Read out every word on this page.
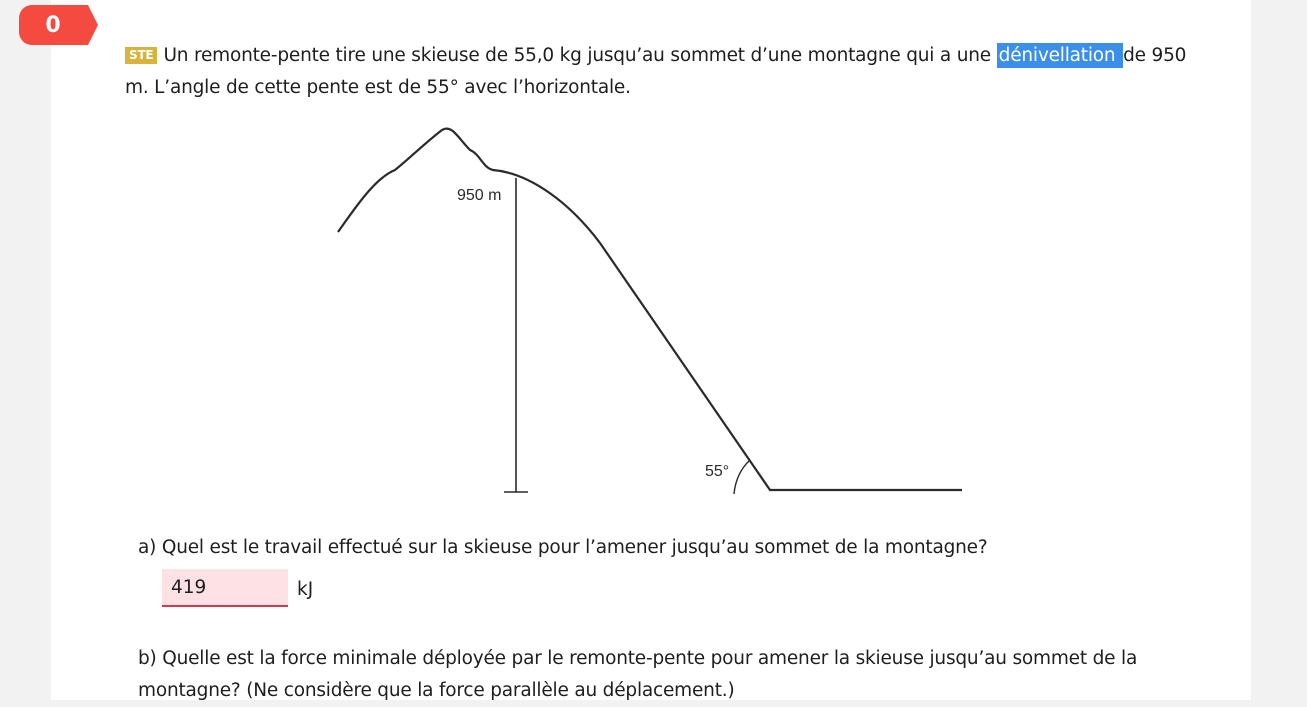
0
STE Un remonte-pente tire une skieuse de 55,0 kg jusqu’au sommet d’une montagne qui a une dénivellation de 950 m. L’angle de cette pente est de 55° avec l’horizontale.
950 m
55°
a) Quel est le travail effectué sur la skieuse pour l’amener jusqu’au sommet de la montagne?
419	kJ
b) Quelle est la force minimale déployée par le remonte-pente pour amener la skieuse jusqu’au sommet de la
montagne? (Ne considère que la force parallèle au déplacement.)
